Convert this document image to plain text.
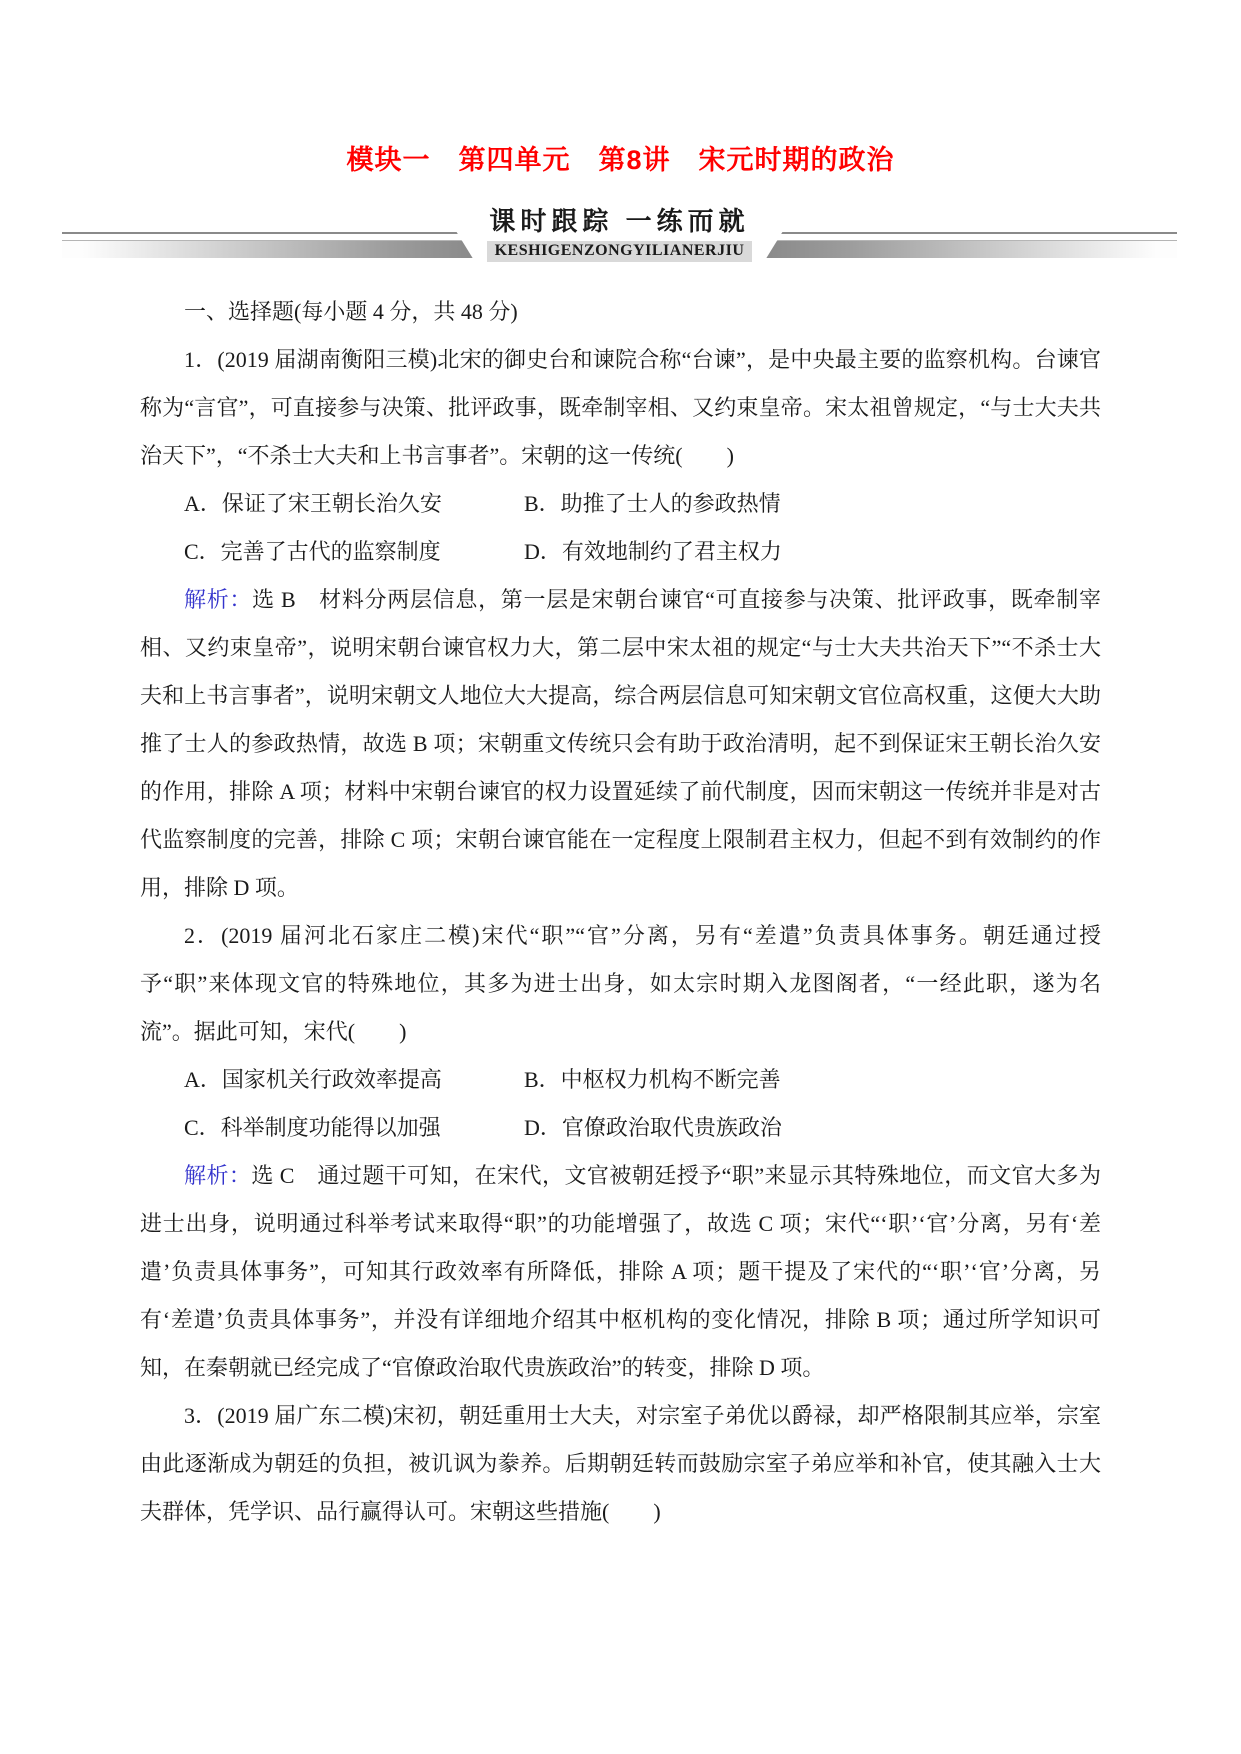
模块一　第四单元　第8讲　宋元时期的政治
课时跟踪 一练而就
KESHIGENZONGYILIANERJIU

一、选择题(每小题 4 分，共 48 分)

1．(2019 届湖南衡阳三模)北宋的御史台和谏院合称“台谏”，是中央最主要的监察机构。台谏官称为“言官”，可直接参与决策、批评政事，既牵制宰相、又约束皇帝。宋太祖曾规定，“与士大夫共治天下”，“不杀士大夫和上书言事者”。宋朝的这一传统(　　)

A．保证了宋王朝长治久安	B．助推了士人的参政热情

C．完善了古代的监察制度	D．有效地制约了君主权力

解析：选 B　材料分两层信息，第一层是宋朝台谏官“可直接参与决策、批评政事，既牵制宰相、又约束皇帝”，说明宋朝台谏官权力大，第二层中宋太祖的规定“与士大夫共治天下”“不杀士大夫和上书言事者”，说明宋朝文人地位大大提高，综合两层信息可知宋朝文官位高权重，这便大大助推了士人的参政热情，故选 B 项；宋朝重文传统只会有助于政治清明，起不到保证宋王朝长治久安的作用，排除 A 项；材料中宋朝台谏官的权力设置延续了前代制度，因而宋朝这一传统并非是对古代监察制度的完善，排除 C 项；宋朝台谏官能在一定程度上限制君主权力，但起不到有效制约的作用，排除 D 项。

2．(2019 届河北石家庄二模)宋代“职”“官”分离，另有“差遣”负责具体事务。朝廷通过授予“职”来体现文官的特殊地位，其多为进士出身，如太宗时期入龙图阁者，“一经此职，遂为名流”。据此可知，宋代(　　)

A．国家机关行政效率提高	B．中枢权力机构不断完善

C．科举制度功能得以加强	D．官僚政治取代贵族政治

解析：选 C　通过题干可知，在宋代，文官被朝廷授予“职”来显示其特殊地位，而文官大多为进士出身，说明通过科举考试来取得“职”的功能增强了，故选 C 项；宋代“‘职’‘官’分离，另有‘差遣’负责具体事务”，可知其行政效率有所降低，排除 A 项；题干提及了宋代的“‘职’‘官’分离，另有‘差遣’负责具体事务”，并没有详细地介绍其中枢机构的变化情况，排除 B 项；通过所学知识可知，在秦朝就已经完成了“官僚政治取代贵族政治”的转变，排除 D 项。

3．(2019 届广东二模)宋初，朝廷重用士大夫，对宗室子弟优以爵禄，却严格限制其应举，宗室由此逐渐成为朝廷的负担，被讥讽为豢养。后期朝廷转而鼓励宗室子弟应举和补官，使其融入士大夫群体，凭学识、品行赢得认可。宋朝这些措施(　　)
